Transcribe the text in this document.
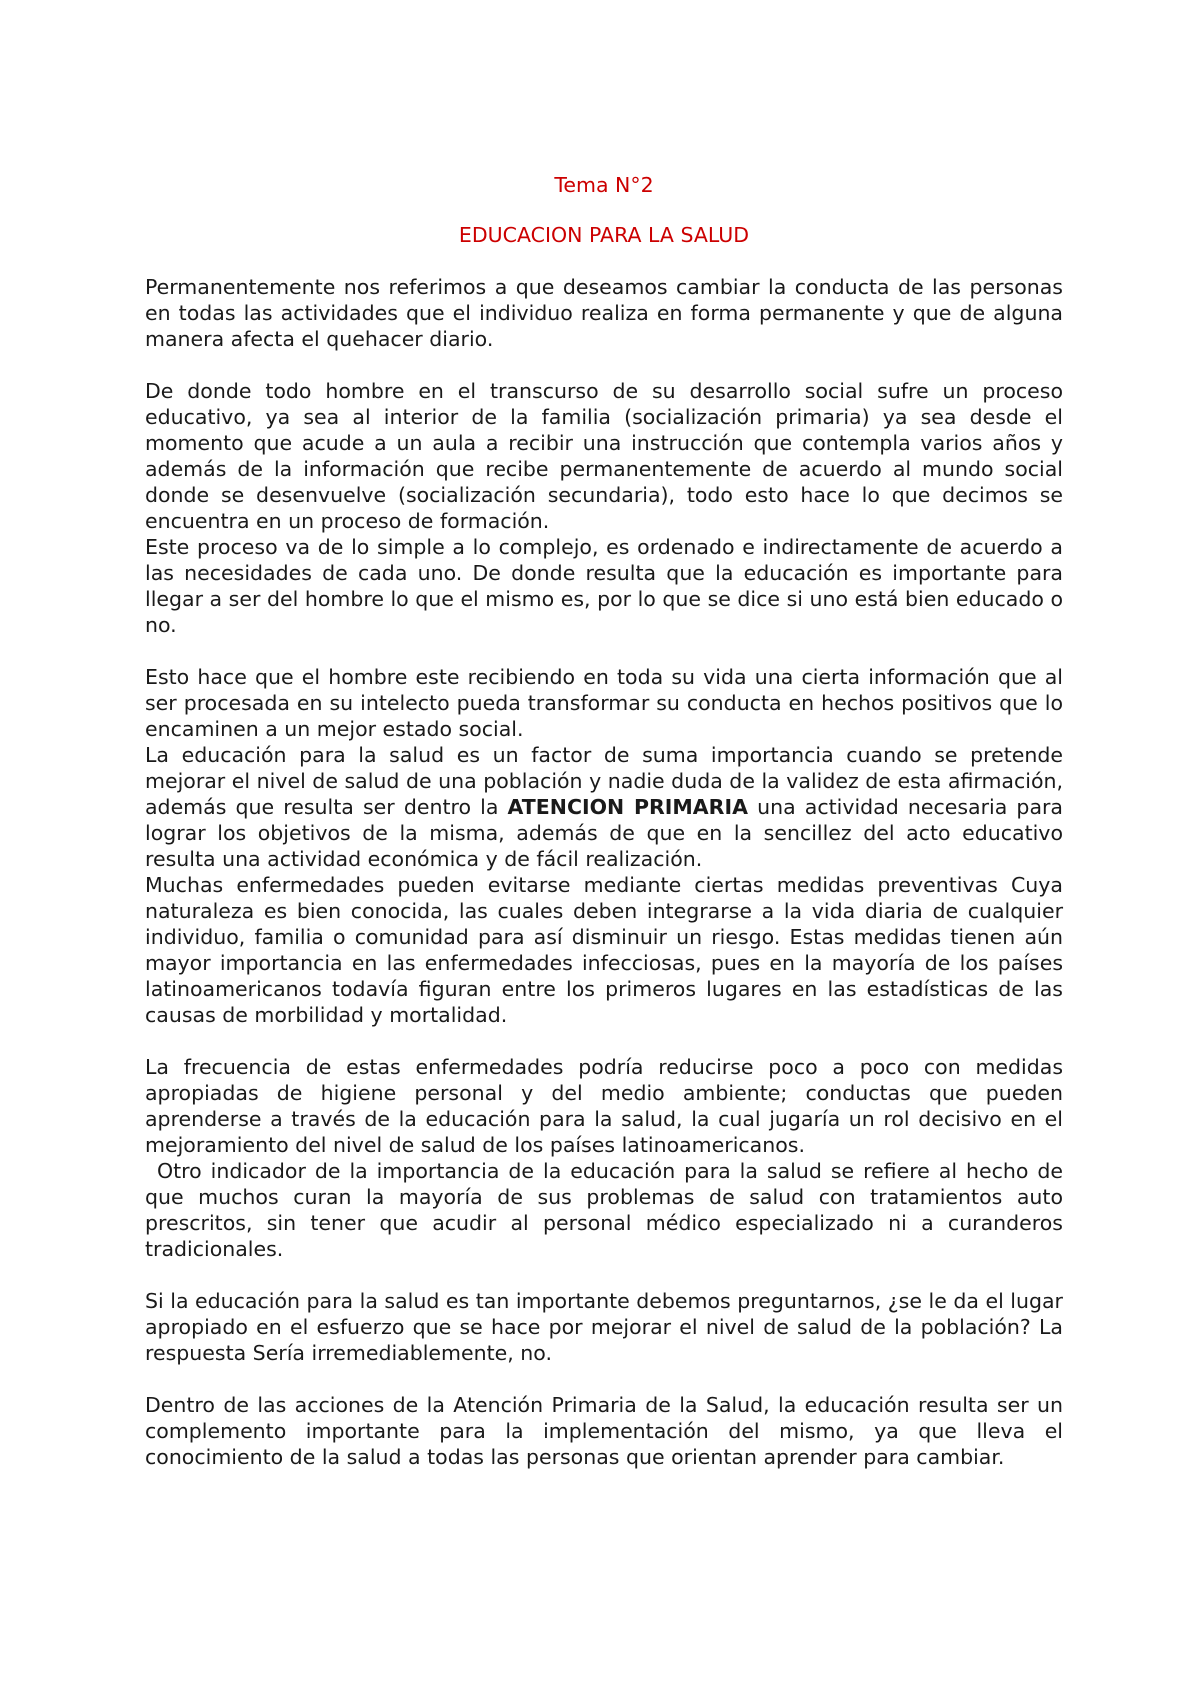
Tema N°2

EDUCACION PARA LA SALUD

Permanentemente nos referimos a que deseamos cambiar la conducta de las personas en todas las actividades que el individuo realiza en forma permanente y que de alguna manera afecta el quehacer diario.

De donde todo hombre en el transcurso de su desarrollo social sufre un proceso educativo, ya sea al interior de la familia (socialización primaria) ya sea desde el momento que acude a un aula a recibir una instrucción que contempla varios años y además de la información que recibe permanentemente de acuerdo al mundo social donde se desenvuelve (socialización secundaria), todo esto hace lo que decimos se encuentra en un proceso de formación.

Este proceso va de lo simple a lo complejo, es ordenado e indirectamente de acuerdo a las necesidades de cada uno. De donde resulta que la educación es importante para llegar a ser del hombre lo que el mismo es, por lo que se dice si uno está bien educado o no.

Esto hace que el hombre este recibiendo en toda su vida una cierta información que al ser procesada en su intelecto pueda transformar su conducta en hechos positivos que lo encaminen a un mejor estado social.

La educación para la salud es un factor de suma importancia cuando se pretende mejorar el nivel de salud de una población y nadie duda de la validez de esta afirmación, además que resulta ser dentro la ATENCION PRIMARIA una actividad necesaria para lograr los objetivos de la misma, además de que en la sencillez del acto educativo resulta una actividad económica y de fácil realización.

Muchas enfermedades pueden evitarse mediante ciertas medidas preventivas Cuya naturaleza es bien conocida, las cuales deben integrarse a la vida diaria de cualquier individuo, familia o comunidad para así disminuir un riesgo. Estas medidas tienen aún mayor importancia en las enfermedades infecciosas, pues en la mayoría de los países latinoamericanos todavía figuran entre los primeros lugares en las estadísticas de las causas de morbilidad y mortalidad.

La frecuencia de estas enfermedades podría reducirse poco a poco con medidas apropiadas de higiene personal y del medio ambiente; conductas que pueden aprenderse a través de la educación para la salud, la cual jugaría un rol decisivo en el mejoramiento del nivel de salud de los países latinoamericanos.

Otro indicador de la importancia de la educación para la salud se refiere al hecho de que muchos curan la mayoría de sus problemas de salud con tratamientos auto prescritos, sin tener que acudir al personal médico especializado ni a curanderos tradicionales.

Si la educación para la salud es tan importante debemos preguntarnos, ¿se le da el lugar apropiado en el esfuerzo que se hace por mejorar el nivel de salud de la población? La respuesta Sería irremediablemente, no.

Dentro de las acciones de la Atención Primaria de la Salud, la educación resulta ser un complemento importante para la implementación del mismo, ya que lleva el conocimiento de la salud a todas las personas que orientan aprender para cambiar.
